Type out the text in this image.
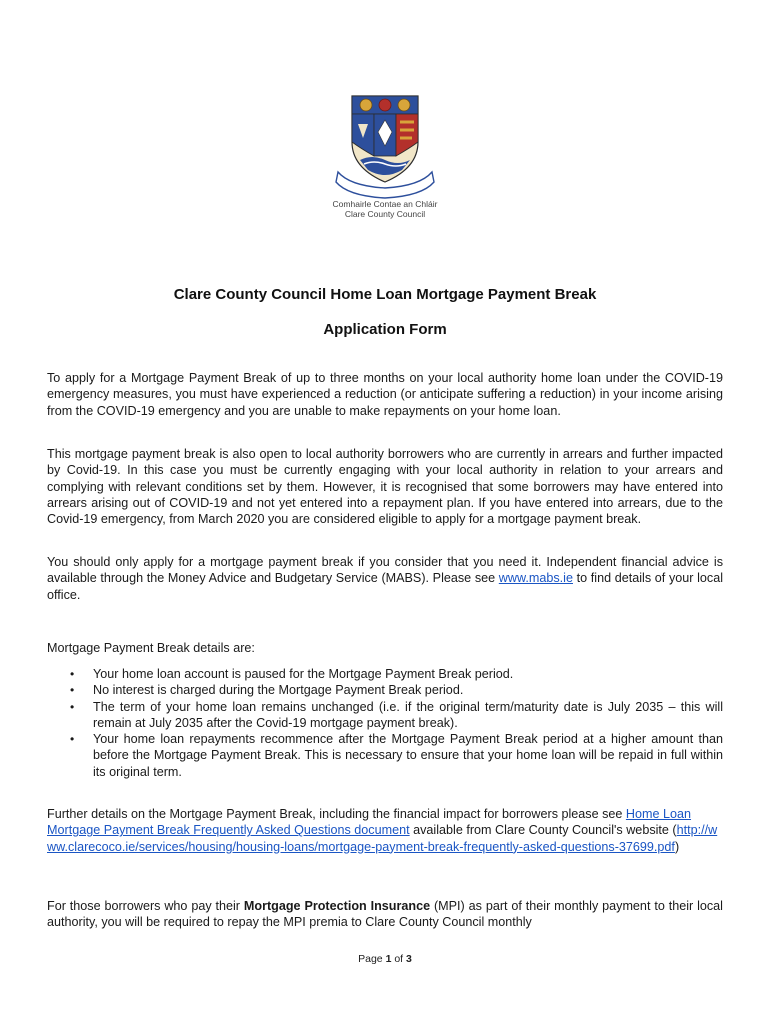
Comhairle Contae an Chláir
Clare County Council
Clare County Council Home Loan Mortgage Payment Break
Application Form
To apply for a Mortgage Payment Break of up to three months on your local authority home loan under the COVID-19 emergency measures, you must have experienced a reduction (or anticipate suffering a reduction) in your income arising from the COVID-19 emergency and you are unable to make repayments on your home loan.
This mortgage payment break is also open to local authority borrowers who are currently in arrears and further impacted by Covid-19. In this case you must be currently engaging with your local authority in relation to your arrears and complying with relevant conditions set by them. However, it is recognised that some borrowers may have entered into arrears arising out of COVID-19 and not yet entered into a repayment plan. If you have entered into arrears, due to the Covid-19 emergency, from March 2020 you are considered eligible to apply for a mortgage payment break.
You should only apply for a mortgage payment break if you consider that you need it. Independent financial advice is available through the Money Advice and Budgetary Service (MABS). Please see www.mabs.ie to find details of your local office.
Mortgage Payment Break details are:
• Your home loan account is paused for the Mortgage Payment Break period.
• No interest is charged during the Mortgage Payment Break period.
• The term of your home loan remains unchanged (i.e. if the original term/maturity date is July 2035 – this will remain at July 2035 after the Covid-19 mortgage payment break).
• Your home loan repayments recommence after the Mortgage Payment Break period at a higher amount than before the Mortgage Payment Break. This is necessary to ensure that your home loan will be repaid in full within its original term.
Further details on the Mortgage Payment Break, including the financial impact for borrowers please see Home Loan Mortgage Payment Break Frequently Asked Questions document available from Clare County Council's website (http://www.clarecoco.ie/services/housing/housing-loans/mortgage-payment-break-frequently-asked-questions-37699.pdf)
For those borrowers who pay their Mortgage Protection Insurance (MPI) as part of their monthly payment to their local authority, you will be required to repay the MPI premia to Clare County Council monthly
Page 1 of 3
